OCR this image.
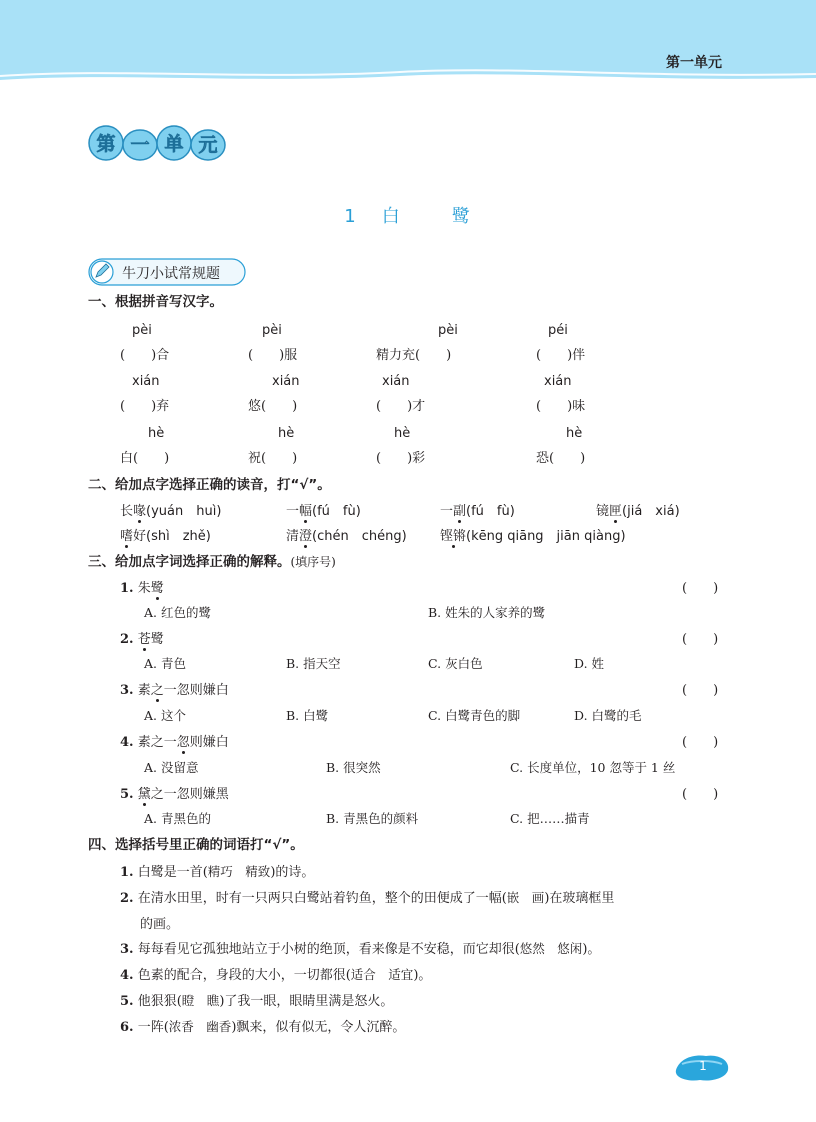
第一单元
第 一 单 元
1 白	鹭
牛刀小试常规题
一、根据拼音写汉字。
pèi	pèi	pèi	péi
(　　)合	(　　)服	精力充(　　)	(　　)伴
xián	xián	xián	xián
(　　)弃	悠(　　)	(　　)才	(　　)味
hè	hè	hè	hè
白(　　)	祝(　　)	(　　)彩	恐(　　)
二、给加点字选择正确的读音，打“√”。
长喙(yuán　huì)	一幅(fú　fù)	一副(fú　fù)	镜匣(jiá　xiá)
嗜好(shì　zhě)	清澄(chén　chéng)	铿锵(kēng qiāng　jiān qiàng)
三、给加点字词选择正确的解释。(填序号)
1. 朱鹭	(　　)
A. 红色的鹭	B. 姓朱的人家养的鹭
2. 苍鹭	(　　)
A. 青色	B. 指天空	C. 灰白色	D. 姓
3. 素之一忽则嫌白	(　　)
A. 这个	B. 白鹭	C. 白鹭青色的脚	D. 白鹭的毛
4. 素之一忽则嫌白	(　　)
A. 没留意	B. 很突然	C. 长度单位，10 忽等于 1 丝
5. 黛之一忽则嫌黑	(　　)
A. 青黑色的	B. 青黑色的颜料	C. 把……描青
四、选择括号里正确的词语打“√”。
1. 白鹭是一首(精巧　精致)的诗。
2. 在清水田里，时有一只两只白鹭站着钓鱼，整个的田便成了一幅(嵌　画)在玻璃框里
的画。
3. 每每看见它孤独地站立于小树的绝顶，看来像是不安稳，而它却很(悠然　悠闲)。
4. 色素的配合，身段的大小，一切都很(适合　适宜)。
5. 他狠狠(瞪　瞧)了我一眼，眼睛里满是怒火。
6. 一阵(浓香　幽香)飘来，似有似无，令人沉醉。
1
